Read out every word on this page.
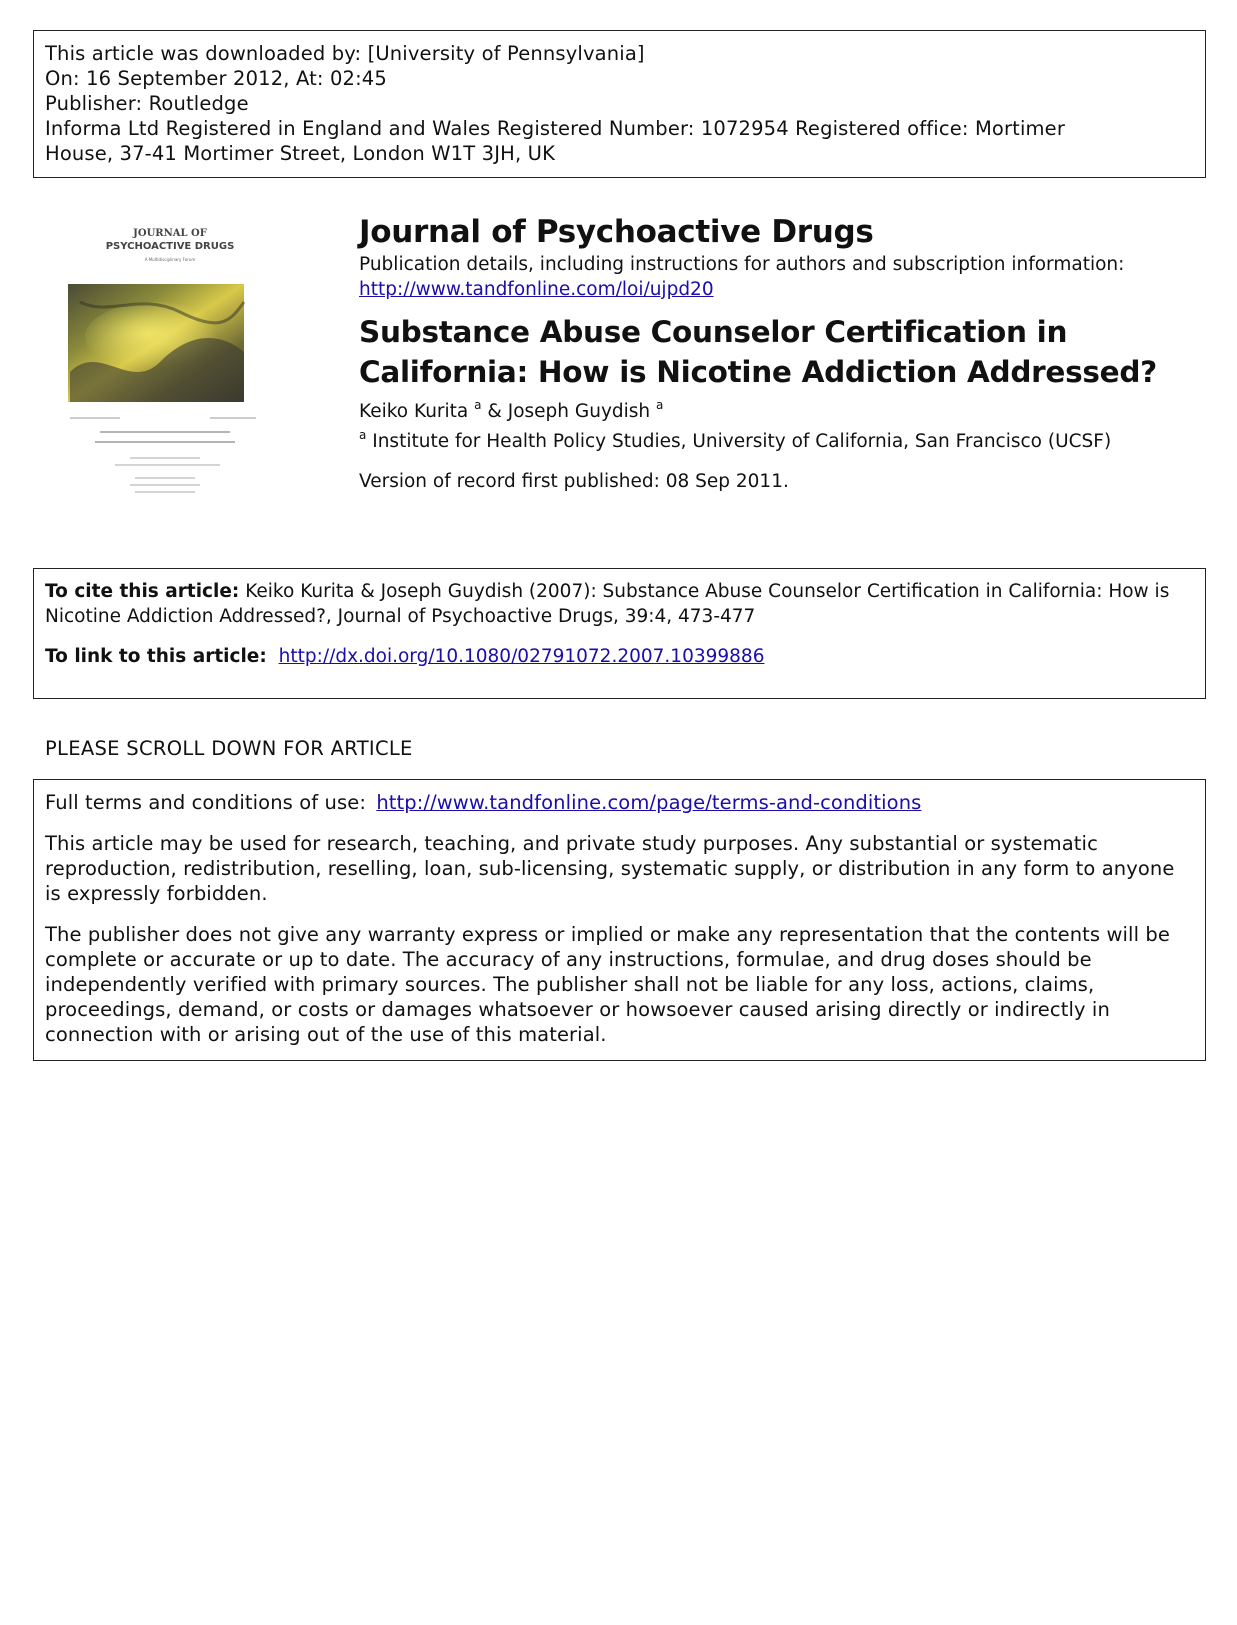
This article was downloaded by: [University of Pennsylvania]
On: 16 September 2012, At: 02:45
Publisher: Routledge
Informa Ltd Registered in England and Wales Registered Number: 1072954 Registered office: Mortimer
House, 37-41 Mortimer Street, London W1T 3JH, UK
JOURNAL OF
PSYCHOACTIVE DRUGS
A Multidisciplinary Forum
Journal of Psychoactive Drugs
Publication details, including instructions for authors and subscription information:
http://www.tandfonline.com/loi/ujpd20
Substance Abuse Counselor Certification in
California: How is Nicotine Addiction Addressed?
Keiko Kurita $^a$ & Joseph Guydish $^a$
$^a$ Institute for Health Policy Studies, University of California, San Francisco (UCSF)
Version of record first published: 08 Sep 2011.
To cite this article: Keiko Kurita & Joseph Guydish (2007): Substance Abuse Counselor Certification in California: How is Nicotine Addiction Addressed?, Journal of Psychoactive Drugs, 39:4, 473-477
To link to this article: http://dx.doi.org/10.1080/02791072.2007.10399886
PLEASE SCROLL DOWN FOR ARTICLE

Full terms and conditions of use: http://www.tandfonline.com/page/terms-and-conditions

This article may be used for research, teaching, and private study purposes. Any substantial or systematic reproduction, redistribution, reselling, loan, sub-licensing, systematic supply, or distribution in any form to anyone is expressly forbidden.

The publisher does not give any warranty express or implied or make any representation that the contents will be complete or accurate or up to date. The accuracy of any instructions, formulae, and drug doses should be independently verified with primary sources. The publisher shall not be liable for any loss, actions, claims, proceedings, demand, or costs or damages whatsoever or howsoever caused arising directly or indirectly in connection with or arising out of the use of this material.
